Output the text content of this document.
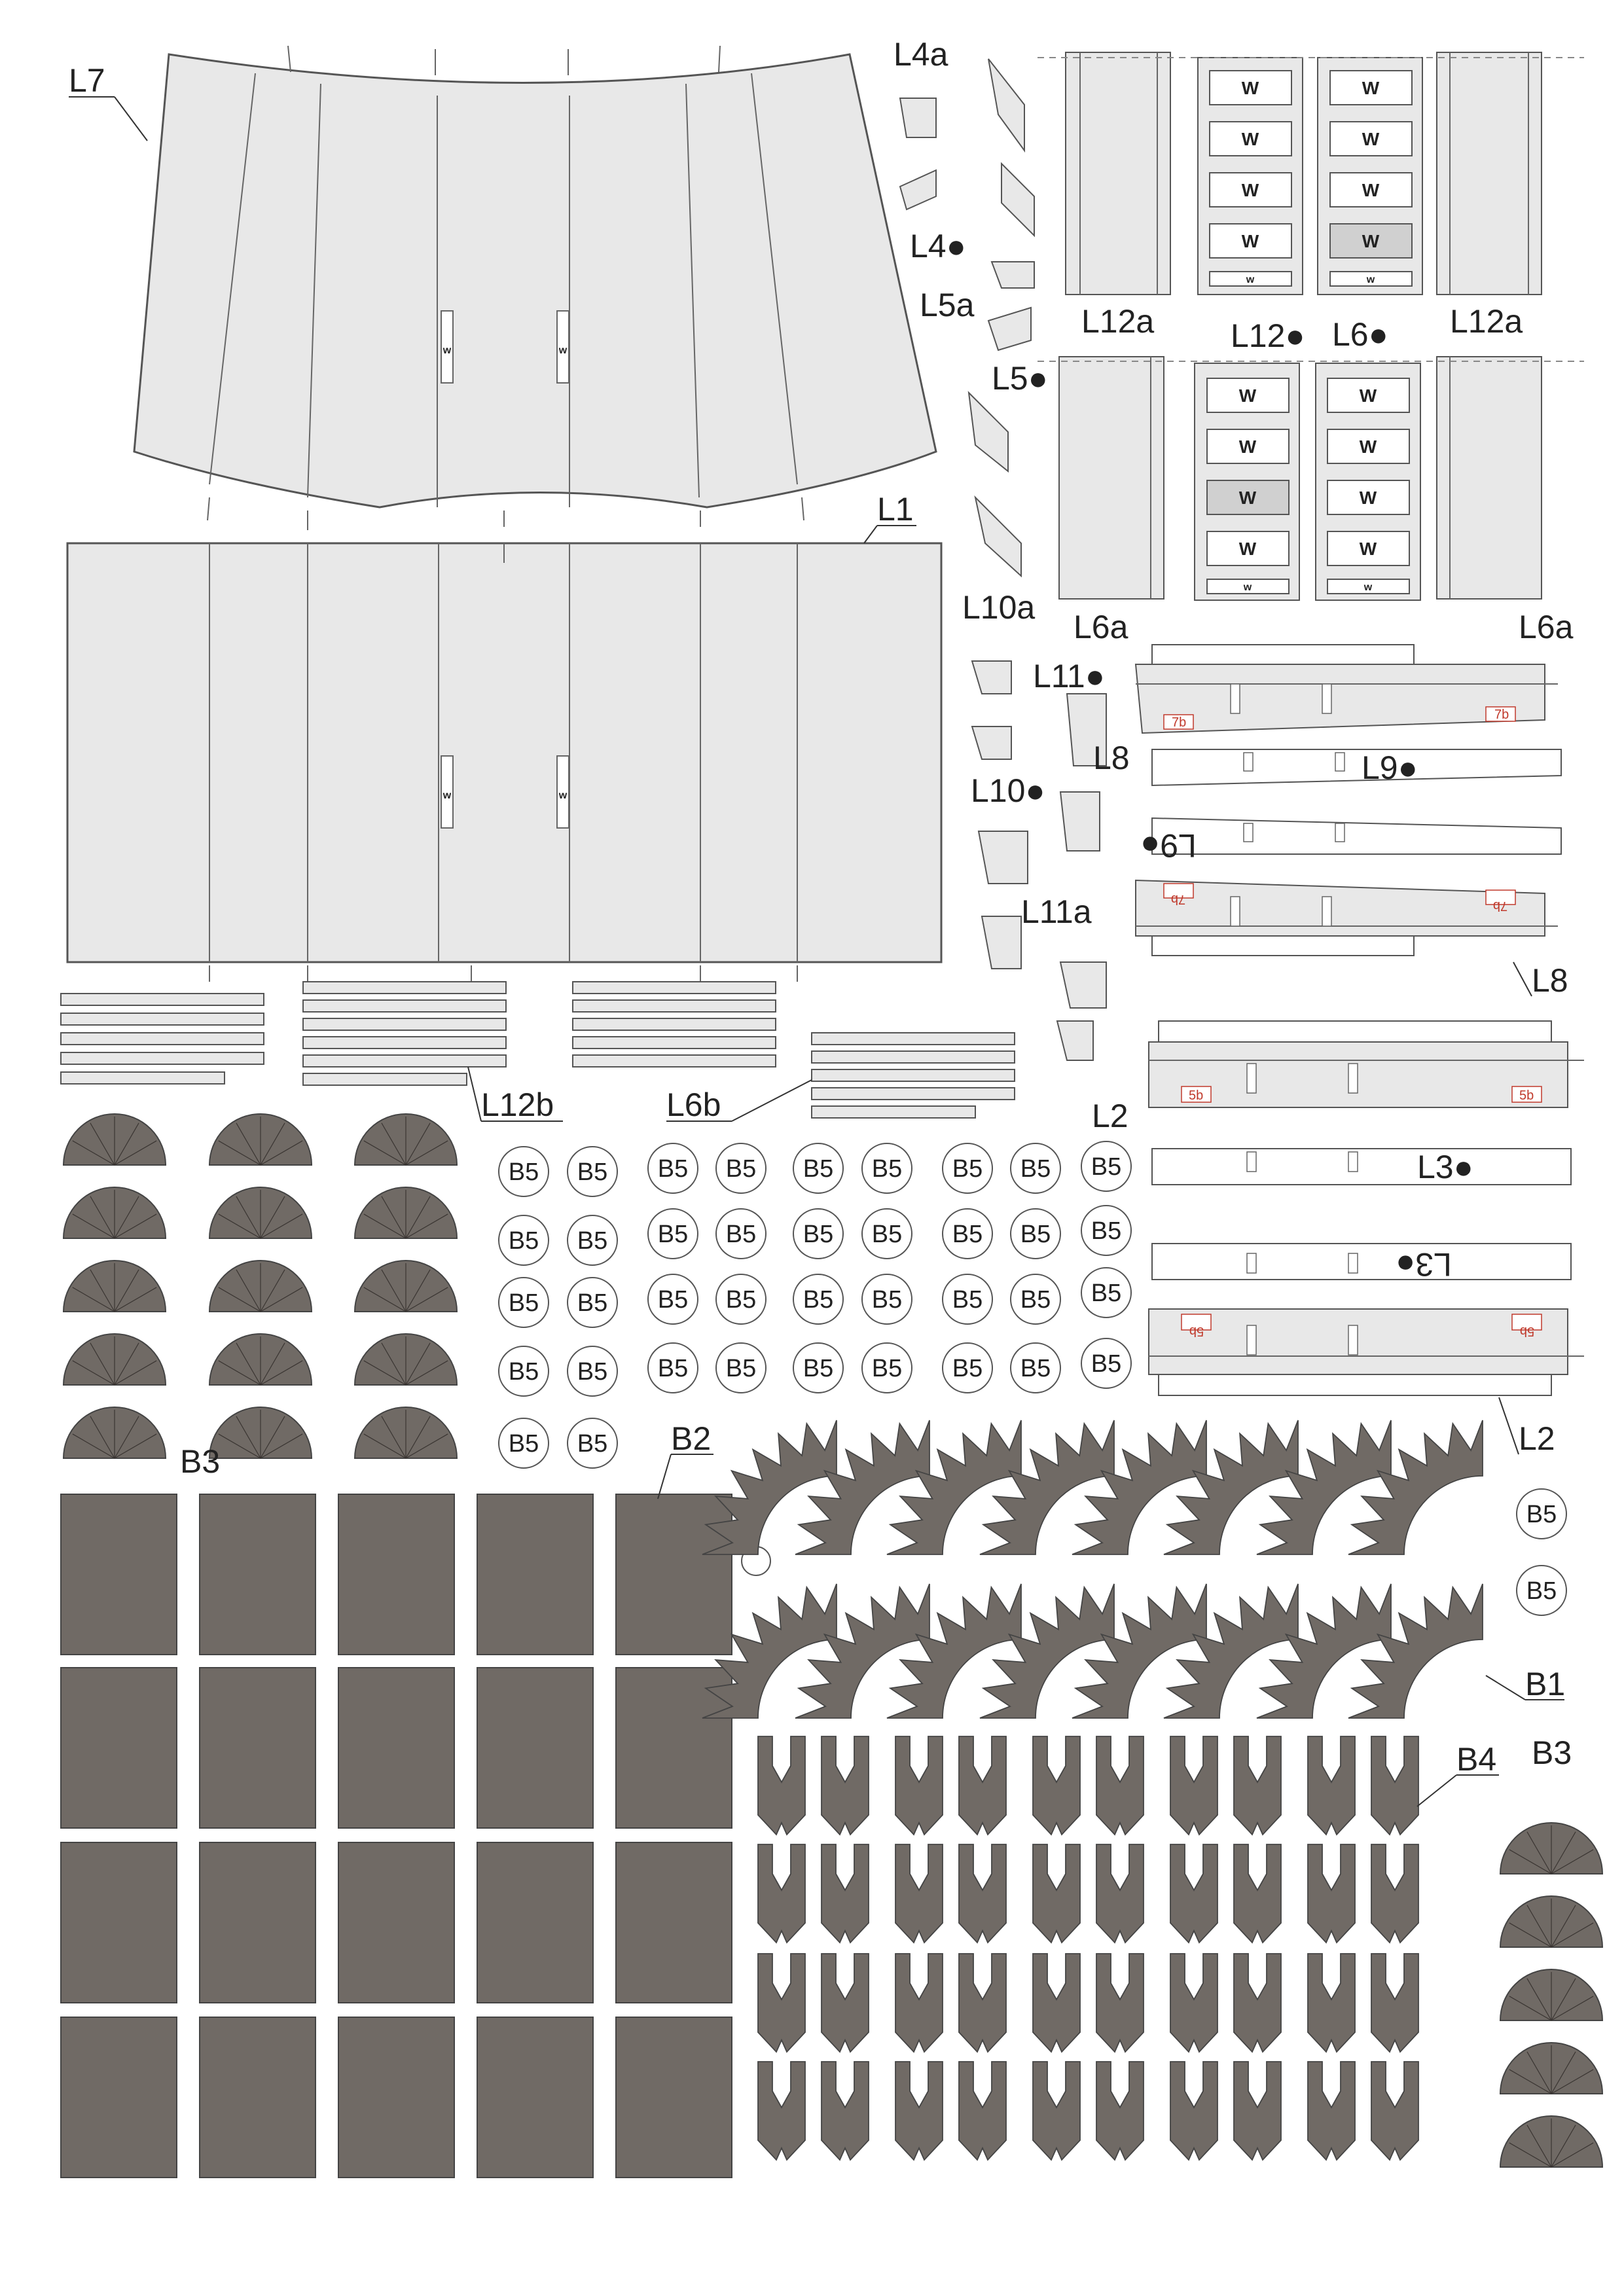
w	w
L7
w	w
L1
L12b	L6b
L4a
L4●
L5a
L5●
L10a
L11●
L10●
L11a
W
W
W
W
w
W
W
W
W
w
W
W
W
W
w
W
W
W
W
w
L12a L12● L6● L12a
L6a	L6a
7b
7b
L8	L9●
L9●
7b	7b
L8
5b	5b
L2
L3●
L3●
5b	5b
L2
B3
B5 B5
B5 B5
B5 B5
B5 B5
B5 B5
B5 B5 B5 B5 B5 B5 B5
B5 B5 B5 B5 B5 B5 B5
B5 B5 B5 B5 B5 B5 B5
B5 B5 B5 B5 B5 B5 B5
B5
B5
B2
B1
B4 B3
